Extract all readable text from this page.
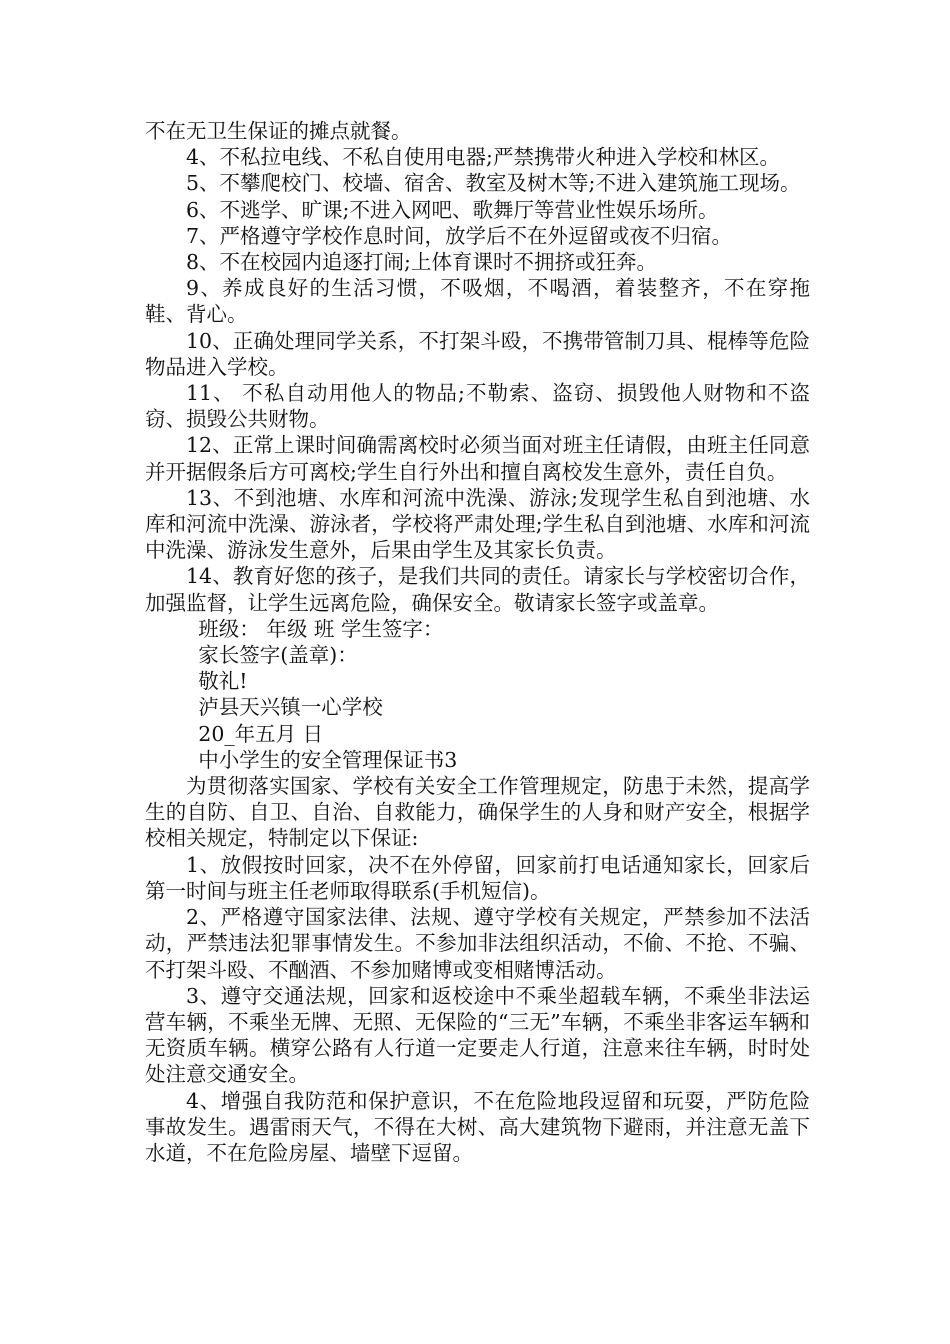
不在无卫生保证的摊点就餐。

4、不私拉电线、不私自使用电器;严禁携带火种进入学校和林区。

5、不攀爬校门、校墙、宿舍、教室及树木等;不进入建筑施工现场。

6、不逃学、旷课;不进入网吧、歌舞厅等营业性娱乐场所。

7、严格遵守学校作息时间，放学后不在外逗留或夜不归宿。

8、不在校园内追逐打闹;上体育课时不拥挤或狂奔。

9、养成良好的生活习惯，不吸烟，不喝酒，着装整齐，不在穿拖鞋、背心。

10、正确处理同学关系，不打架斗殴，不携带管制刀具、棍棒等危险物品进入学校。

11、 不私自动用他人的物品;不勒索、盗窃、损毁他人财物和不盗窃、损毁公共财物。

12、正常上课时间确需离校时必须当面对班主任请假，由班主任同意并开据假条后方可离校;学生自行外出和擅自离校发生意外，责任自负。

13、不到池塘、水库和河流中洗澡、游泳;发现学生私自到池塘、水库和河流中洗澡、游泳者，学校将严肃处理;学生私自到池塘、水库和河流中洗澡、游泳发生意外，后果由学生及其家长负责。

14、教育好您的孩子，是我们共同的责任。请家长与学校密切合作，加强监督，让学生远离危险，确保安全。敬请家长签字或盖章。

班级： 年级 班 学生签字：

家长签字(盖章)：

敬礼!

泸县天兴镇一心学校

20_年五月 日

中小学生的安全管理保证书3

为贯彻落实国家、学校有关安全工作管理规定，防患于未然，提高学生的自防、自卫、自治、自救能力，确保学生的人身和财产安全，根据学校相关规定，特制定以下保证:

1、放假按时回家，决不在外停留，回家前打电话通知家长，回家后第一时间与班主任老师取得联系(手机短信)。

2、严格遵守国家法律、法规、遵守学校有关规定，严禁参加不法活动，严禁违法犯罪事情发生。不参加非法组织活动，不偷、不抢、不骗、不打架斗殴、不酗酒、不参加赌博或变相赌博活动。

3、遵守交通法规，回家和返校途中不乘坐超载车辆，不乘坐非法运营车辆，不乘坐无牌、无照、无保险的“三无”车辆，不乘坐非客运车辆和无资质车辆。横穿公路有人行道一定要走人行道，注意来往车辆，时时处处注意交通安全。

4、增强自我防范和保护意识，不在危险地段逗留和玩耍，严防危险事故发生。遇雷雨天气，不得在大树、高大建筑物下避雨，并注意无盖下水道，不在危险房屋、墙壁下逗留。
